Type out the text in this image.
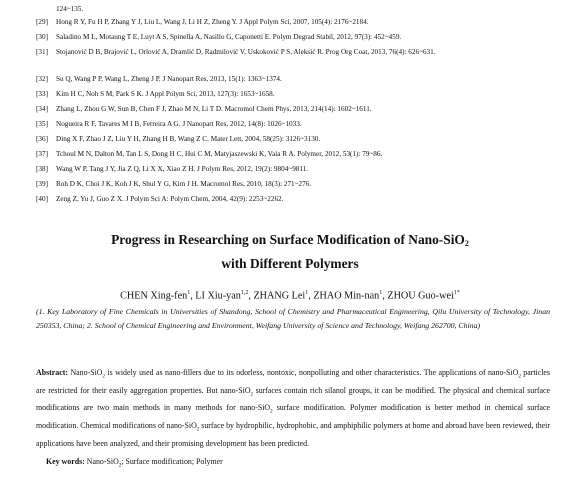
124~135.
[29]	Hong R Y, Fu H P, Zhang Y J, Liu L, Wang J, Li H Z, Zheng Y. J Appl Polym Sci, 2007, 105(4): 2176~2184.
[30]	Saladino M L, Motaung T E, Luyt A S, Spinella A, Nasillo G, Caponetti E. Polym Degrad Stabil, 2012, 97(3): 452~459.
[31]	Stojanović D B, Brajović L, Orlović A, Dramlić D, Radmilović V, Uskoković P S, Aleksić R. Prog Org Coat, 2013, 76(4): 626~631.
[32]	Su Q, Wang P P, Wang L, Zheng J P. J Nanopart Res, 2013, 15(1): 1363~1374.
[33]	Kim H C, Noh S M, Park S K. J Appl Polym Sci, 2013, 127(3): 1653~1658.
[34]	Zhang L, Zhou G W, Sun B, Chen F J, Zhao M N, Li T D. Macromol Chem Phys, 2013, 214(14): 1602~1611.
[35]	Nogueira R F, Tavares M I B, Ferreira A G. J Nanopart Res, 2012, 14(8): 1026~1033.
[36]	Ding X F, Zhao J Z, Liu Y H, Zhang H B, Wang Z C. Mater Lett, 2004, 58(25): 3126~3130.
[37]	Tchoul M N, Dalton M, Tan L S, Dong H C, Hui C M, Matyjaszewski K, Vaia R A. Polymer, 2012, 53(1): 79~86.
[38]	Wang W P, Tang J Y, Jia Z Q, Li X X, Xiao Z H. J Polym Res, 2012, 19(2): 9804~9811.
[39]	Roh D K, Choi J K, Koh J K, Shul Y G, Kim J H. Macromol Res, 2010, 18(3): 271~276.
[40]	Zeng Z, Yu J, Guo Z X. J Polym Sci A: Polym Chem, 2004, 42(9): 2253~2262.
Progress in Researching on Surface Modification of Nano-SiO$_2$
with Different Polymers
CHEN Xing-fen$^1$, LI Xiu-yan$^{1,2}$, ZHANG Lei$^1$, ZHAO Min-nan$^1$, ZHOU Guo-wei$^{1*}$
(1. Key Laboratory of Fine Chemicals in Universities of Shandong, School of Chemistry and Pharmaceutical Engineering, Qilu University of Technology, Jinan 250353, China; 2. School of Chemical Engineering and Environment, Weifang University of Science and Technology, Weifang 262700, China)
Abstract: Nano-SiO$_2$ is widely used as nano-fillers due to its odorless, nontoxic, nonpolluting and other characteristics. The applications of nano-SiO$_2$ particles are restricted for their easily aggregation properties. But nano-SiO$_2$ surfaces contain rich silanol groups, it can be modified. The physical and chemical surface modifications are two main methods in many methods for nano-SiO$_2$ surface modification. Polymer modification is better method in chemical surface modification. Chemical modifications of nano-SiO$_2$ surface by hydrophilic, hydrophobic, and amphiphilic polymers at home and abroad have been reviewed, their applications have been analyzed, and their promising development has been predicted.
Key words: Nano-SiO$_2$; Surface modification; Polymer
